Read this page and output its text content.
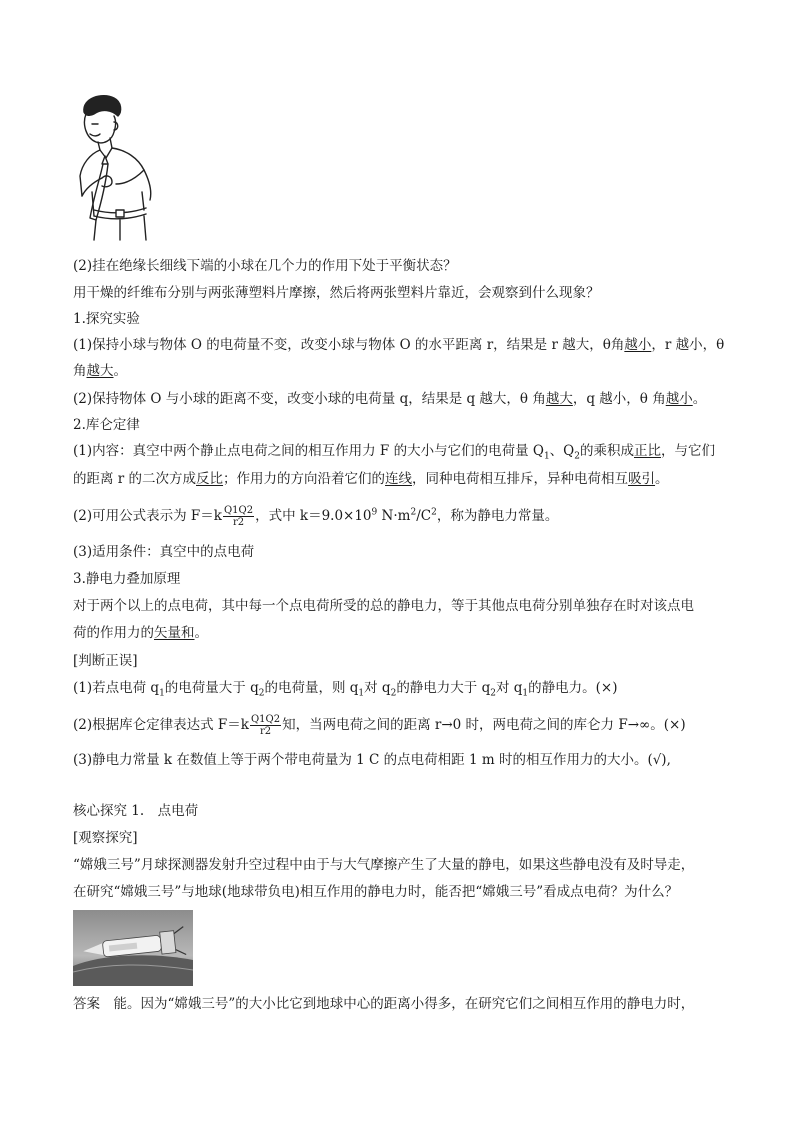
(2)挂在绝缘长细线下端的小球在几个力的作用下处于平衡状态？
用干燥的纤维布分别与两张薄塑料片摩擦，然后将两张塑料片靠近，会观察到什么现象？
1.探究实验
(1)保持小球与物体 O 的电荷量不变，改变小球与物体 O 的水平距离 r，结果是 r 越大，θ角越小，r 越小，θ
角越大。
(2)保持物体 O 与小球的距离不变，改变小球的电荷量 q，结果是 q 越大，θ 角越大，q 越小，θ 角越小。
2.库仑定律
(1)内容：真空中两个静止点电荷之间的相互作用力 F 的大小与它们的电荷量 $Q_1$、$Q_2$的乘积成正比，与它们
的距离 r 的二次方成反比；作用力的方向沿着它们的连线，同种电荷相互排斥，异种电荷相互吸引。
(2)可用公式表示为 $F=k \frac{Q1Q2}{r2}$ ，式中 $k=9.0\times 10^9$ $N\cdot m^2/C^2$，称为静电力常量。
(3)适用条件：真空中的点电荷
3.静电力叠加原理
对于两个以上的点电荷，其中每一个点电荷所受的总的静电力，等于其他点电荷分别单独存在时对该点电
荷的作用力的矢量和。
[判断正误]
(1)若点电荷 $q_1$的电荷量大于 $q_2$的电荷量，则 $q_1$对 $q_2$的静电力大于 $q_2$对 $q_1$的静电力。(×)
(2)根据库仑定律表达式 $F=k \frac{Q1Q2}{r2}$ 知，当两电荷之间的距离 r→0 时，两电荷之间的库仑力 F→∞。(×)
(3)静电力常量 k 在数值上等于两个带电荷量为 1 C 的点电荷相距 1 m 时的相互作用力的大小。(√),
核心探究 1.　点电荷
[观察探究]
“嫦娥三号”月球探测器发射升空过程中由于与大气摩擦产生了大量的静电，如果这些静电没有及时导走，
在研究“嫦娥三号”与地球(地球带负电)相互作用的静电力时，能否把“嫦娥三号”看成点电荷？为什么？
答案　能。因为“嫦娥三号”的大小比它到地球中心的距离小得多，在研究它们之间相互作用的静电力时，
